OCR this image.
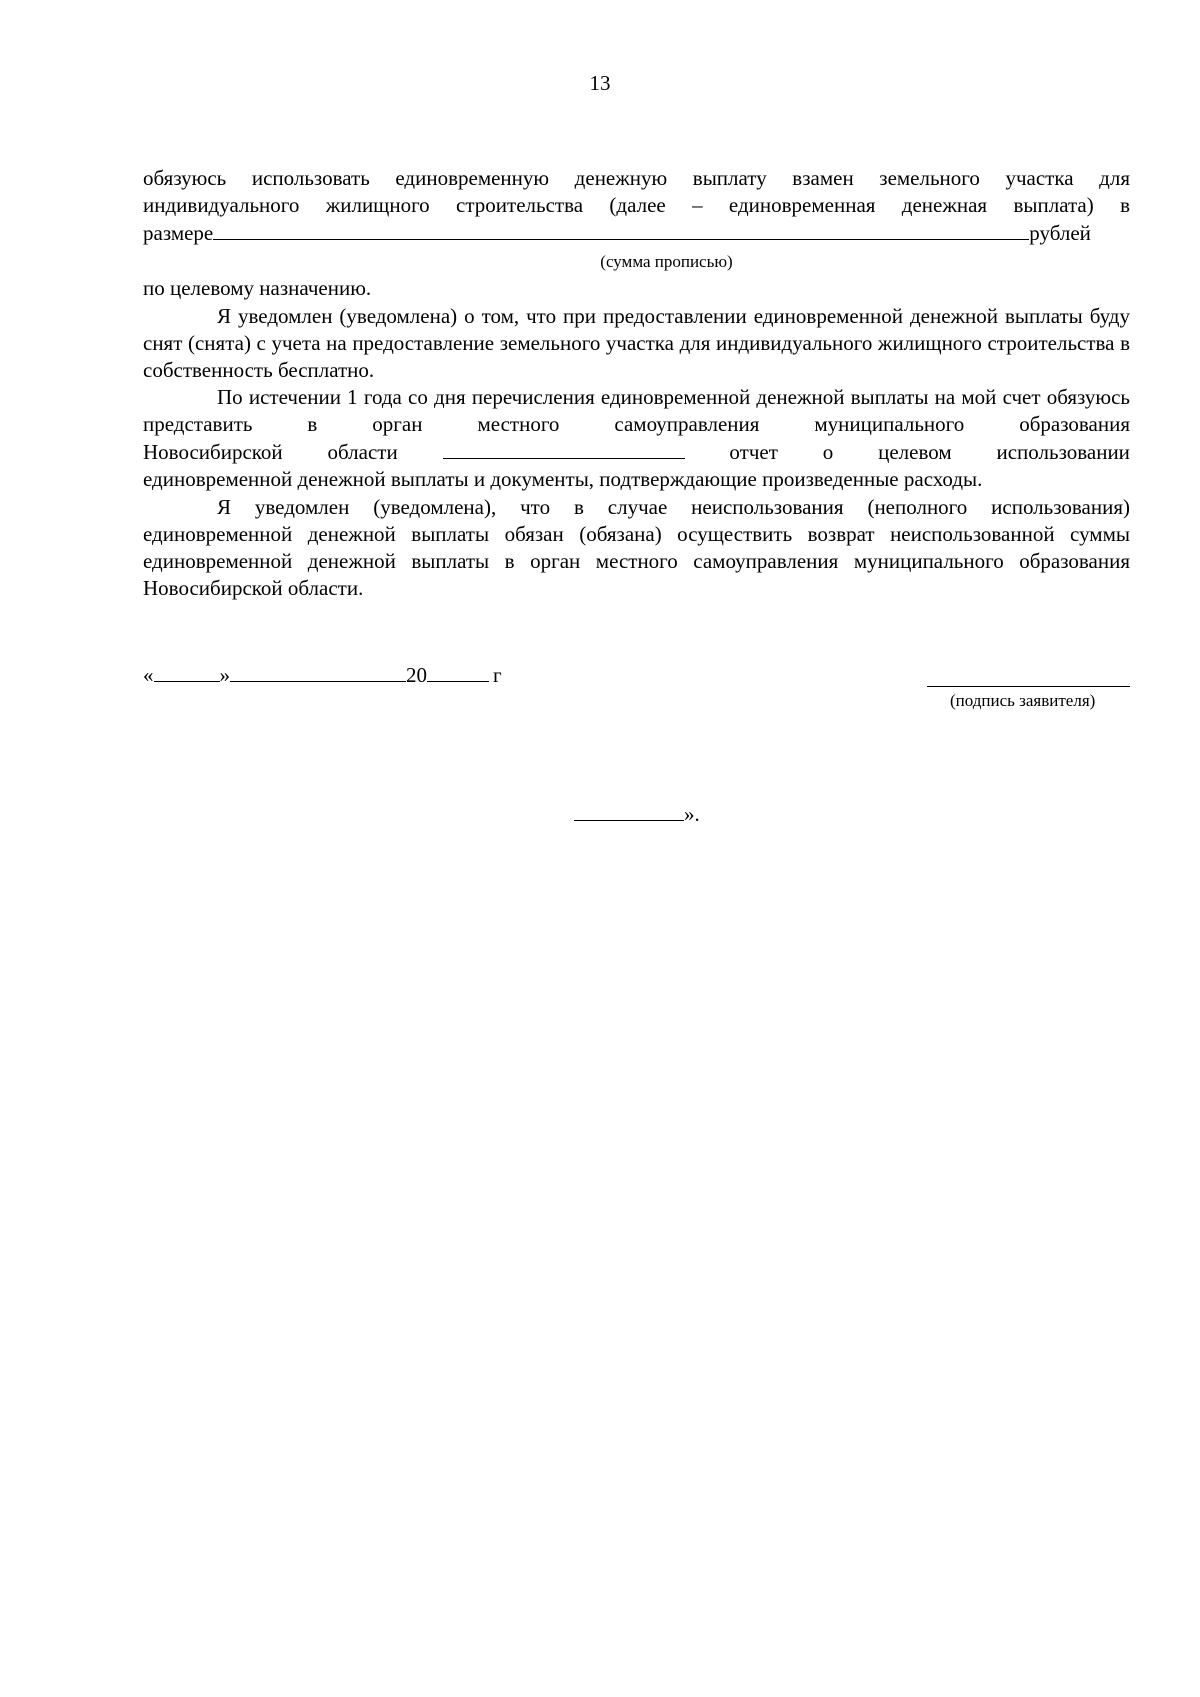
13
обязуюсь использовать единовременную денежную выплату взамен земельного участка для
индивидуального жилищного строительства (далее – единовременная денежная выплата) в
размере	рублей
(сумма прописью)
по целевому назначению.
Я уведомлен (уведомлена) о том, что при предоставлении единовременной денежной выплаты буду снят (снята) с учета на предоставление земельного участка для индивидуального жилищного строительства в собственность бесплатно.
По истечении 1 года со дня перечисления единовременной денежной выплаты на мой счет обязуюсь представить в орган местного самоуправления муниципального образования
Новосибирской области	отчет о целевом использовании
единовременной денежной выплаты и документы, подтверждающие произведенные расходы.
Я уведомлен (уведомлена), что в случае неиспользования (неполного использования) единовременной денежной выплаты обязан (обязана) осуществить возврат неиспользованной суммы единовременной денежной выплаты в орган местного самоуправления муниципального образования Новосибирской области.
«	»	20	г
(подпись заявителя)
».
